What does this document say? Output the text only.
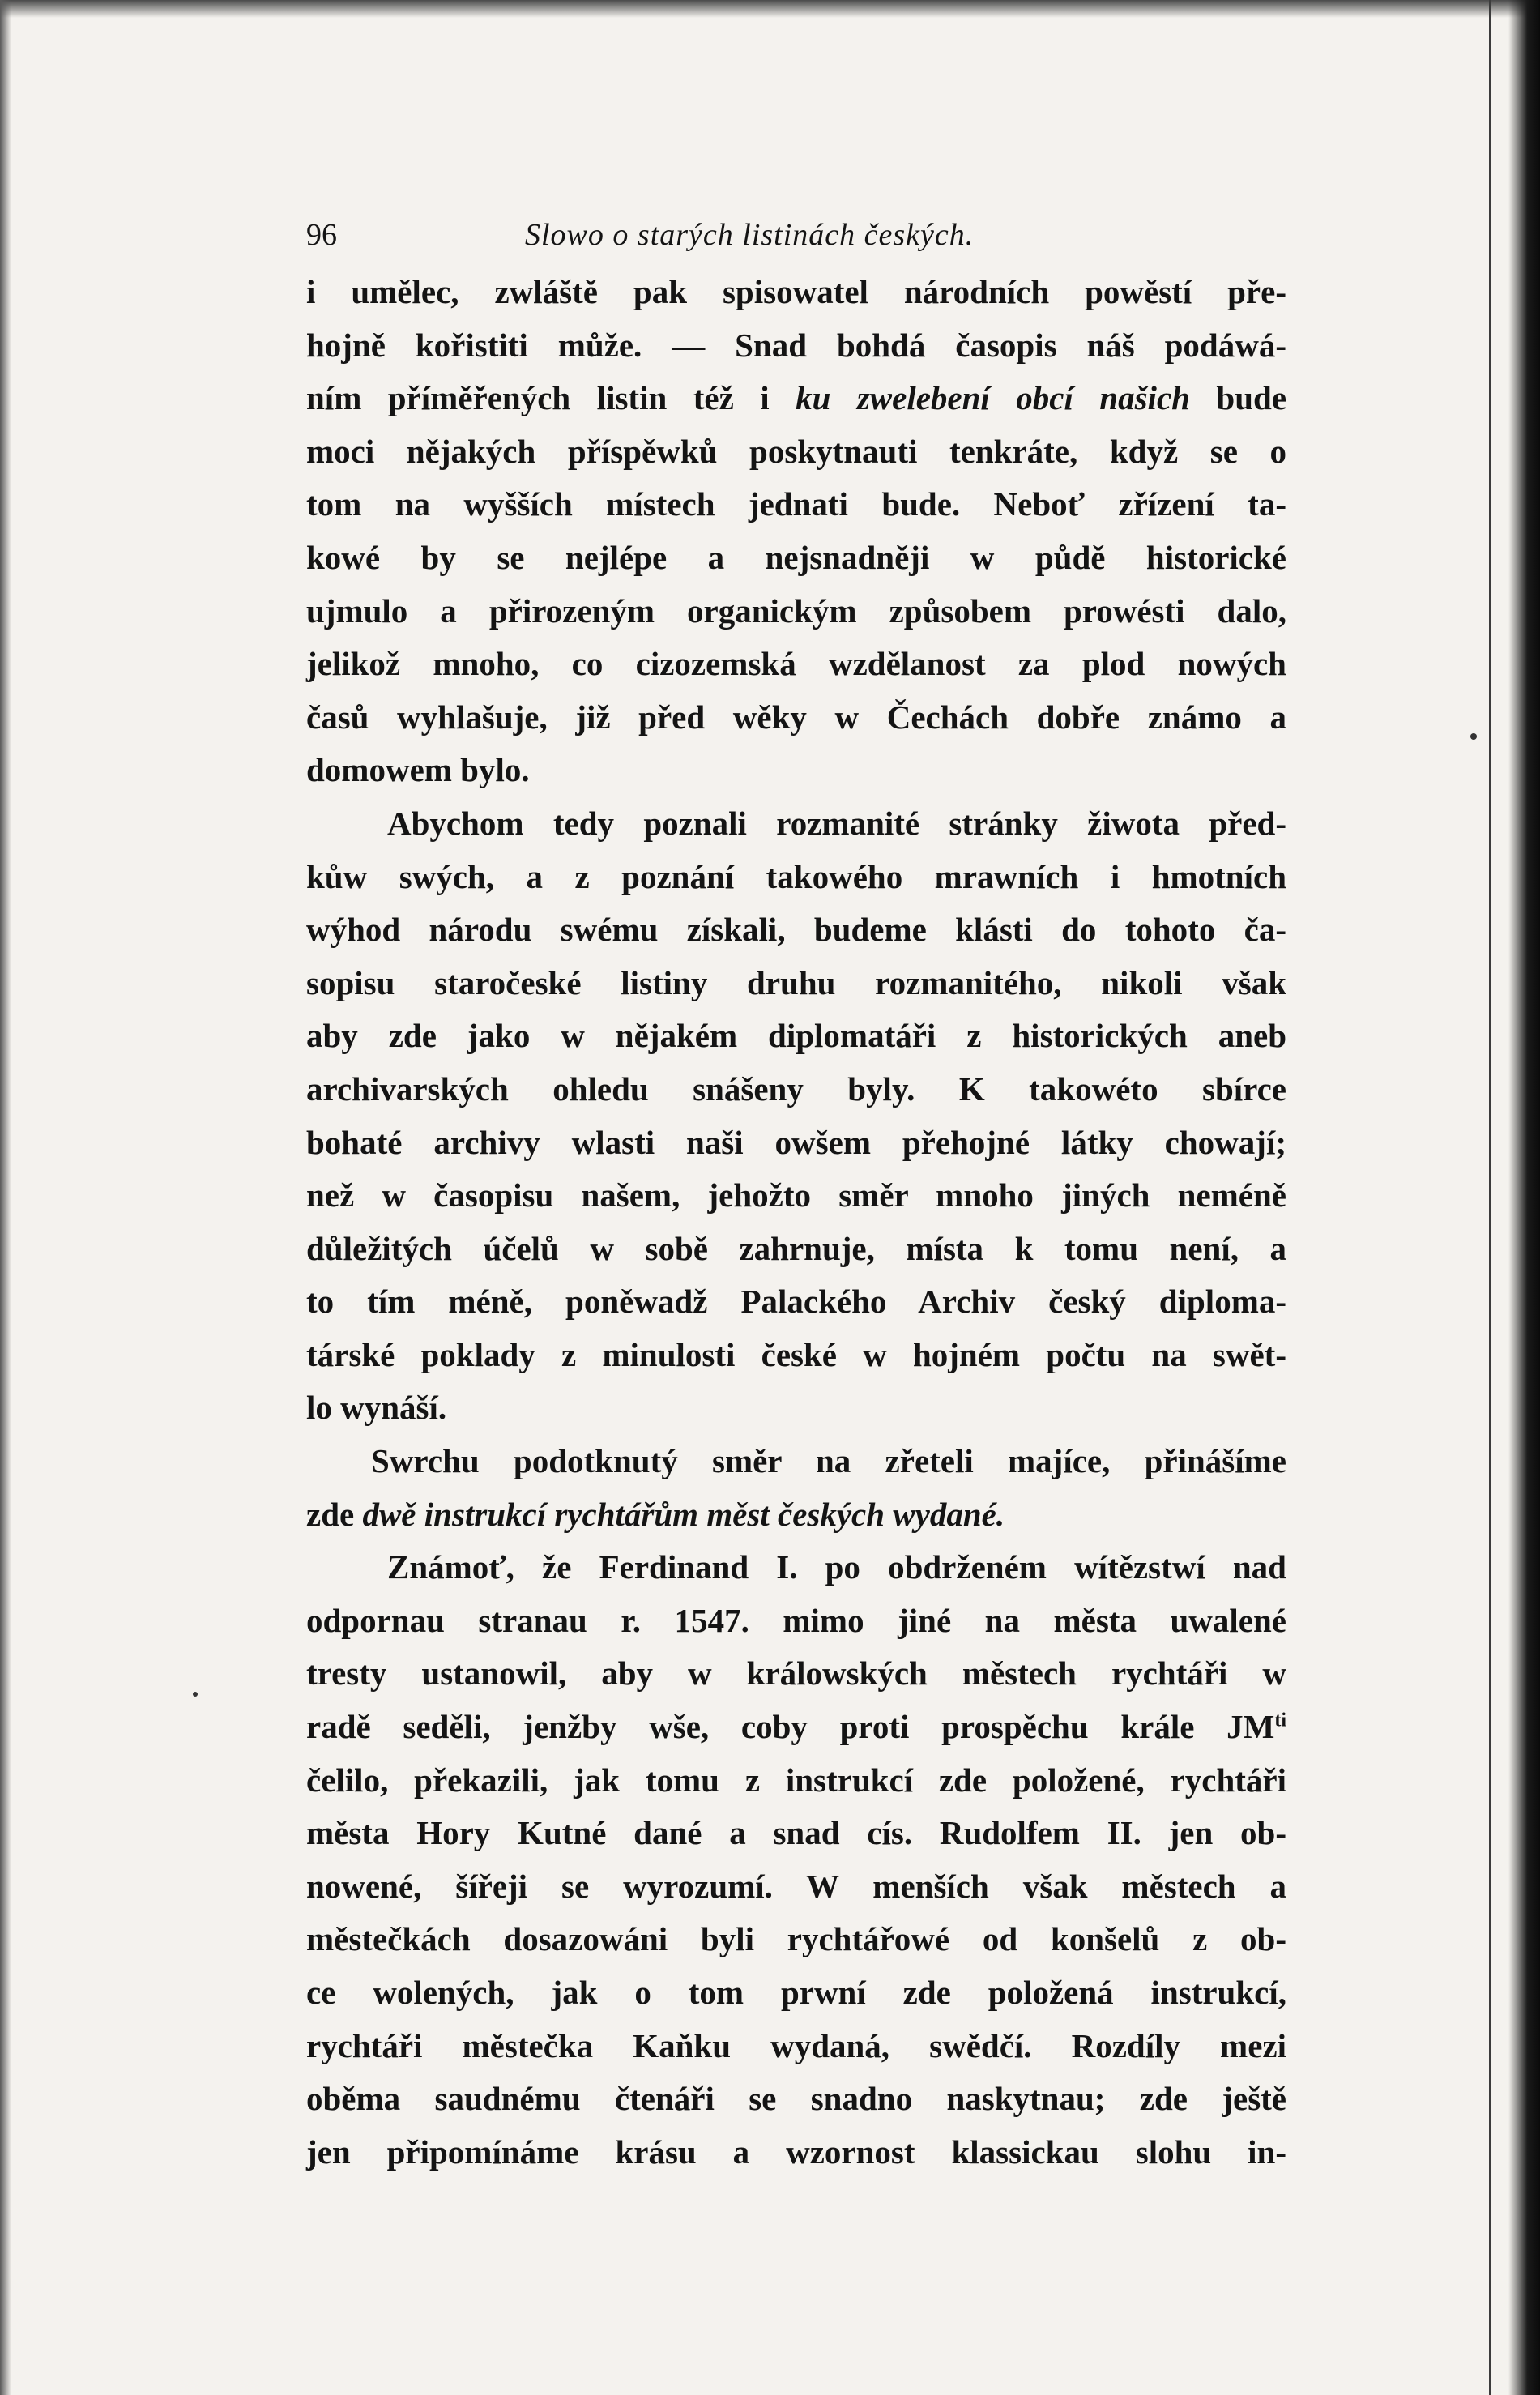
96	Slowo o starých listinách českých.
i umělec, zwláště pak spisowatel národních powěstí pře-
hojně kořistiti může. — Snad bohdá časopis náš podáwá-
ním příměřených listin též i ku zwelebení obcí našich bude
moci nějakých příspěwků poskytnauti tenkráte, když se o
tom na wyšších místech jednati bude. Neboť zřízení ta-
kowé by se nejlépe a nejsnadněji w půdě historické
ujmulo a přirozeným organickým způsobem prowésti dalo,
jelikož mnoho, co cizozemská wzdělanost za plod nowých
časů wyhlašuje, již před wěky w Čechách dobře známo a
domowem bylo.
Abychom tedy poznali rozmanité stránky žiwota před-
kůw swých, a z poznání takowého mrawních i hmotních
wýhod národu swému získali, budeme klásti do tohoto ča-
sopisu staročeské listiny druhu rozmanitého, nikoli však
aby zde jako w nějakém diplomatáři z historických aneb
archivarských ohledu snášeny byly. K takowéto sbírce
bohaté archivy wlasti naši owšem přehojné látky chowají;
než w časopisu našem, jehožto směr mnoho jiných neméně
důležitých účelů w sobě zahrnuje, místa k tomu není, a
to tím méně, poněwadž Palackého Archiv český diploma-
társké poklady z minulosti české w hojném počtu na swět-
lo wynáší.
Swrchu podotknutý směr na zřeteli majíce, přinášíme
zde dwě instrukcí rychtářům měst českých wydané.
Známoť, že Ferdinand I. po obdrženém wítězstwí nad
odpornau stranau r. 1547. mimo jiné na města uwalené
tresty ustanowil, aby w králowských městech rychtáři w
radě seděli, jenžby wše, coby proti prospěchu krále $JM^{ti}$
čelilo, překazili, jak tomu z instrukcí zde položené, rychtáři
města Hory Kutné dané a snad cís. Rudolfem II. jen ob-
nowené, šířeji se wyrozumí. W menších však městech a
městečkách dosazowáni byli rychtářowé od konšelů z ob-
ce wolených, jak o tom prwní zde položená instrukcí,
rychtáři městečka Kaňku wydaná, swědčí. Rozdíly mezi
oběma saudnému čtenáři se snadno naskytnau; zde ještě
jen připomínáme krásu a wzornost klassickau slohu in-
